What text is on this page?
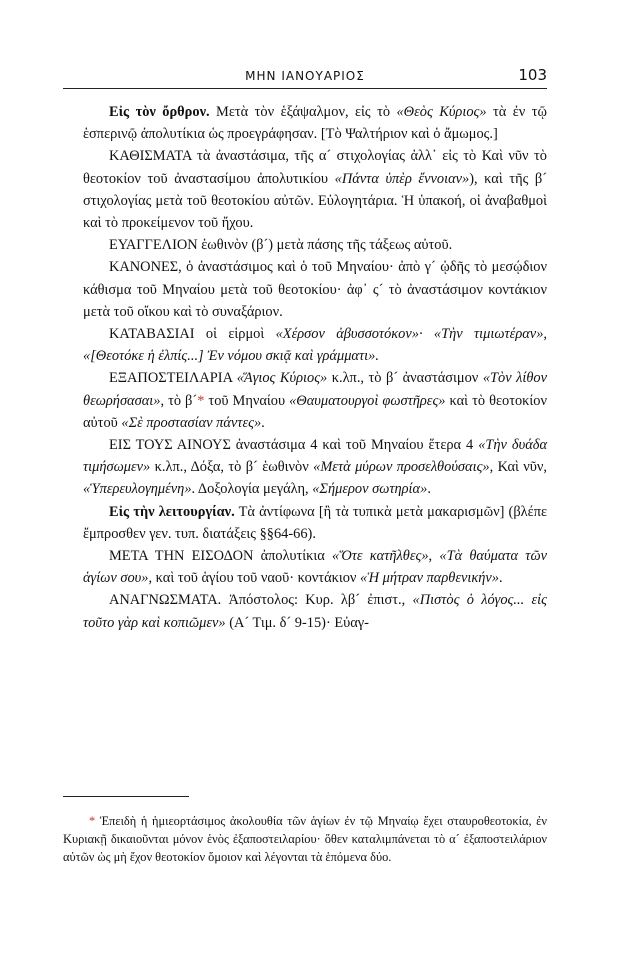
ΜΗΝ ΙΑΝΟΥΑΡΙΟΣ	103

Εἰς τὸν ὄρθρον. Μετὰ τὸν ἑξάψαλμον, εἰς τὸ «Θεὸς Κύριος» τὰ ἐν τῷ ἑσπερινῷ ἀπολυτίκια ὡς προεγράφησαν. [Τὸ Ψαλτήριον καὶ ὁ ἄμωμος.]

ΚΑΘΙΣΜΑΤΑ τὰ ἀναστάσιμα, τῆς α´ στιχολογίας ἀλλ᾿ εἰς τὸ Καὶ νῦν τὸ θεοτοκίον τοῦ ἀναστασίμου ἀπολυτικίου «Πάντα ὑπὲρ ἔννοιαν»), καὶ τῆς β´ στιχολογίας μετὰ τοῦ θεοτοκίου αὐτῶν. Εὐλογητάρια. Ἡ ὑπακοή, οἱ ἀναβαθμοὶ καὶ τὸ προκείμενον τοῦ ἤχου.

ΕΥΑΓΓΕΛΙΟΝ ἑωθινὸν (β´) μετὰ πάσης τῆς τάξεως αὐτοῦ.

ΚΑΝΟΝΕΣ, ὁ ἀναστάσιμος καὶ ὁ τοῦ Μηναίου· ἀπὸ γ´ ᾠδῆς τὸ μεσῴδιον κάθισμα τοῦ Μηναίου μετὰ τοῦ θεοτοκίου· ἀφ᾿ ς´ τὸ ἀναστάσιμον κοντάκιον μετὰ τοῦ οἴκου καὶ τὸ συναξάριον.

ΚΑΤΑΒΑΣΙΑΙ οἱ εἱρμοὶ «Χέρσον ἀβυσσοτόκον»· «Τὴν τιμιωτέραν», «[Θεοτόκε ἡ ἐλπίς...] Ἐν νόμου σκιᾷ καὶ γράμματι».

ΕΞΑΠΟΣΤΕΙΛΑΡΙΑ «Ἅγιος Κύριος» κ.λπ., τὸ β´ ἀναστάσιμον «Τὸν λίθον θεωρήσασαι», τὸ β´* τοῦ Μηναίου «Θαυματουργοὶ φωστῆρες» καὶ τὸ θεοτοκίον αὐτοῦ «Σὲ προστασίαν πάντες».

ΕΙΣ ΤΟΥΣ ΑΙΝΟΥΣ ἀναστάσιμα 4 καὶ τοῦ Μηναίου ἕτερα 4 «Τὴν δυάδα τιμήσωμεν» κ.λπ., Δόξα, τὸ β´ ἑωθινὸν «Μετὰ μύρων προσελθούσαις», Καὶ νῦν, «Ὑπερευλογημένη». Δοξολογία μεγάλη, «Σήμερον σωτηρία».

Εἰς τὴν λειτουργίαν. Τὰ ἀντίφωνα [ἢ τὰ τυπικὰ μετὰ μακαρισμῶν] (βλέπε ἔμπροσθεν γεν. τυπ. διατάξεις §§64-66).

ΜΕΤΑ ΤΗΝ ΕΙΣΟΔΟΝ ἀπολυτίκια «Ὅτε κατῆλθες», «Τὰ θαύματα τῶν ἁγίων σου», καὶ τοῦ ἁγίου τοῦ ναοῦ· κοντάκιον «Ἡ μήτραν παρθενικήν».

ΑΝΑΓΝΩΣΜΑΤΑ. Ἀπόστολος: Κυρ. λβ´ ἐπιστ., «Πιστὸς ὁ λόγος... εἰς τοῦτο γὰρ καὶ κοπιῶμεν» (Α´ Τιμ. δ´ 9-15)· Εὐαγ-

* Ἐπειδὴ ἡ ἡμιεορτάσιμος ἀκολουθία τῶν ἁγίων ἐν τῷ Μηναίῳ ἔχει σταυροθεοτοκία, ἐν Κυριακῇ δικαιοῦνται μόνον ἑνὸς ἐξαποστειλαρίου· ὅθεν καταλιμπάνεται τὸ α´ ἐξαποστειλάριον αὐτῶν ὡς μὴ ἔχον θεοτοκίον ὅμοιον καὶ λέγονται τὰ ἑπόμενα δύο.
